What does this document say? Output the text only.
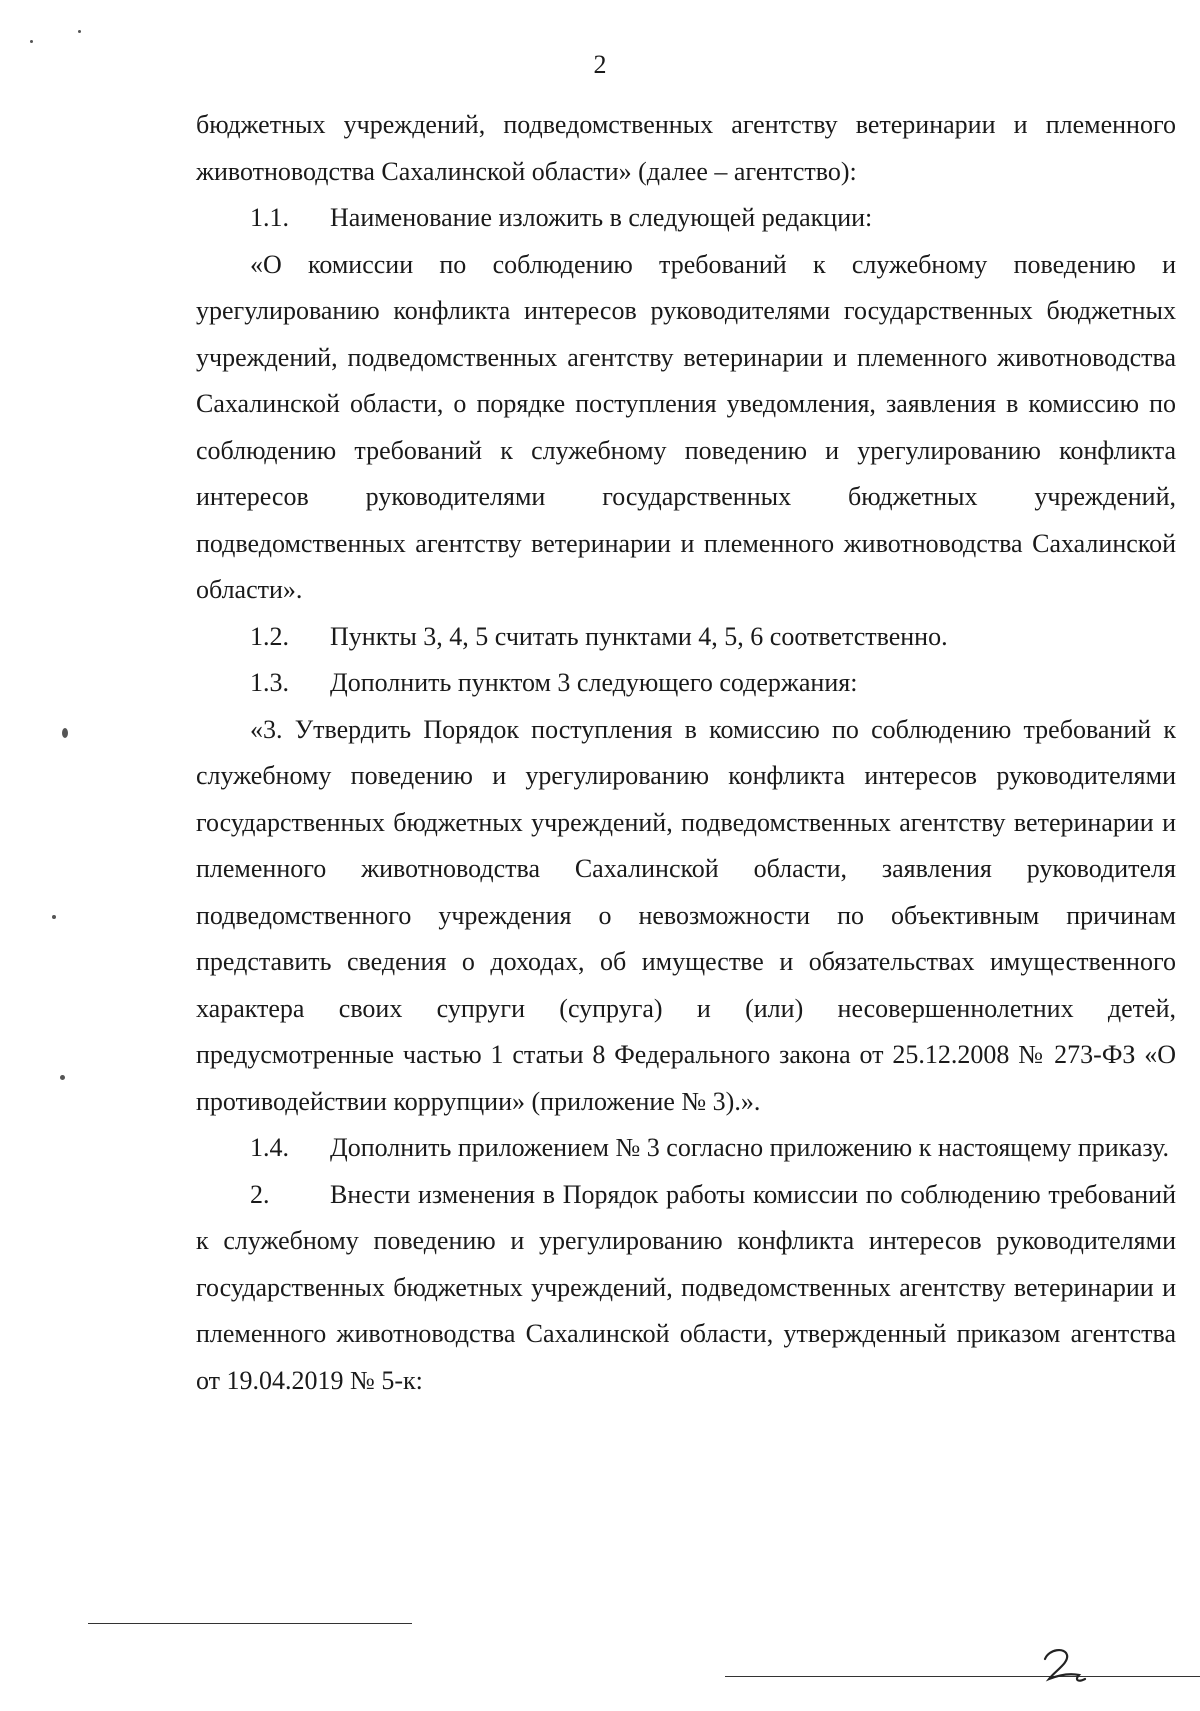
2

бюджетных учреждений, подведомственных агентству ветеринарии и племенного животноводства Сахалинской области» (далее – агентство):

1.1. Наименование изложить в следующей редакции:

«О комиссии по соблюдению требований к служебному поведению и урегулированию конфликта интересов руководителями государственных бюджетных учреждений, подведомственных агентству ветеринарии и племенного животноводства Сахалинской области, о порядке поступления уведомления, заявления в комиссию по соблюдению требований к служебному поведению и урегулированию конфликта интересов руководителями государственных бюджетных учреждений, подведомственных агентству ветеринарии и племенного животноводства Сахалинской области».

1.2. Пункты 3, 4, 5 считать пунктами 4, 5, 6 соответственно.

1.3. Дополнить пунктом 3 следующего содержания:

«3. Утвердить Порядок поступления в комиссию по соблюдению требований к служебному поведению и урегулированию конфликта интересов руководителями государственных бюджетных учреждений, подведомственных агентству ветеринарии и племенного животноводства Сахалинской области, заявления руководителя подведомственного учреждения о невозможности по объективным причинам представить сведения о доходах, об имуществе и обязательствах имущественного характера своих супруги (супруга) и (или) несовершеннолетних детей, предусмотренные частью 1 статьи 8 Федерального закона от 25.12.2008 № 273-ФЗ «О противодействии коррупции» (приложение № 3).».

1.4. Дополнить приложением № 3 согласно приложению к настоящему приказу.

2. Внести изменения в Порядок работы комиссии по соблюдению требований к служебному поведению и урегулированию конфликта интересов руководителями государственных бюджетных учреждений, подведомственных агентству ветеринарии и племенного животноводства Сахалинской области, утвержденный приказом агентства от 19.04.2019 № 5-к:
